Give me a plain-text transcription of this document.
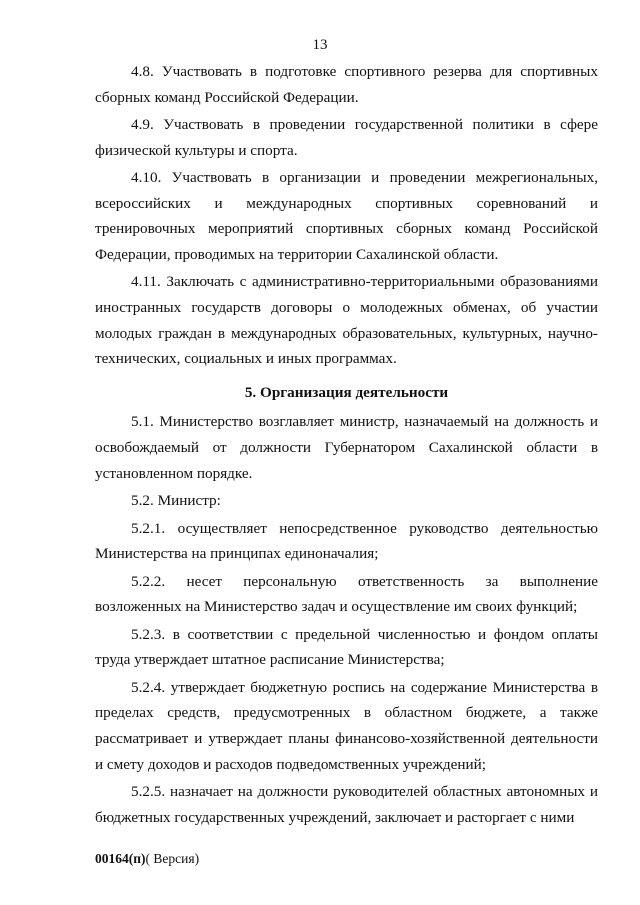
13

4.8. Участвовать в подготовке спортивного резерва для спортивных сборных команд Российской Федерации.

4.9. Участвовать в проведении государственной политики в сфере физической культуры и спорта.

4.10. Участвовать в организации и проведении межрегиональных, всероссийских и международных спортивных соревнований и тренировочных мероприятий спортивных сборных команд Российской Федерации, проводимых на территории Сахалинской области.

4.11. Заключать с административно-территориальными образованиями иностранных государств договоры о молодежных обменах, об участии молодых граждан в международных образовательных, культурных, научно-технических, социальных и иных программах.

5. Организация деятельности

5.1. Министерство возглавляет министр, назначаемый на должность и освобождаемый от должности Губернатором Сахалинской области в установленном порядке.

5.2. Министр:

5.2.1. осуществляет непосредственное руководство деятельностью Министерства на принципах единоначалия;

5.2.2. несет персональную ответственность за выполнение возложенных на Министерство задач и осуществление им своих функций;

5.2.3. в соответствии с предельной численностью и фондом оплаты труда утверждает штатное расписание Министерства;

5.2.4. утверждает бюджетную роспись на содержание Министерства в пределах средств, предусмотренных в областном бюджете, а также рассматривает и утверждает планы финансово-хозяйственной деятельности и смету доходов и расходов подведомственных учреждений;

5.2.5. назначает на должности руководителей областных автономных и бюджетных государственных учреждений, заключает и расторгает с ними

00164(п)( Версия)
